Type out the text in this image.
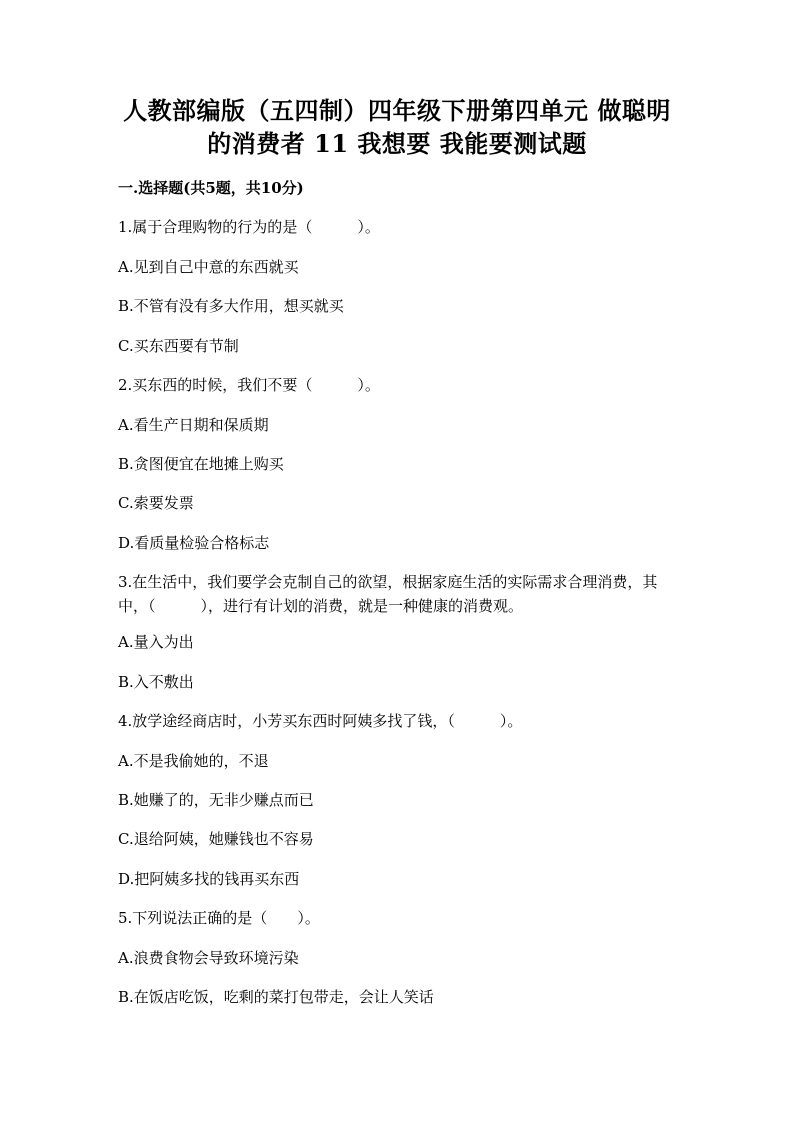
人教部编版（五四制）四年级下册第四单元 做聪明
的消费者 11 我想要 我能要测试题
一.选择题(共5题，共10分)
1.属于合理购物的行为的是（　　　）。
A.见到自己中意的东西就买
B.不管有没有多大作用，想买就买
C.买东西要有节制
2.买东西的时候，我们不要（　　　）。
A.看生产日期和保质期
B.贪图便宜在地摊上购买
C.索要发票
D.看质量检验合格标志
3.在生活中，我们要学会克制自己的欲望，根据家庭生活的实际需求合理消费，其中，（　　　），进行有计划的消费，就是一种健康的消费观。
A.量入为出
B.入不敷出
4.放学途经商店时，小芳买东西时阿姨多找了钱，（　　　）。
A.不是我偷她的，不退
B.她赚了的，无非少赚点而已
C.退给阿姨，她赚钱也不容易
D.把阿姨多找的钱再买东西
5.下列说法正确的是（　　）。
A.浪费食物会导致环境污染
B.在饭店吃饭，吃剩的菜打包带走，会让人笑话
